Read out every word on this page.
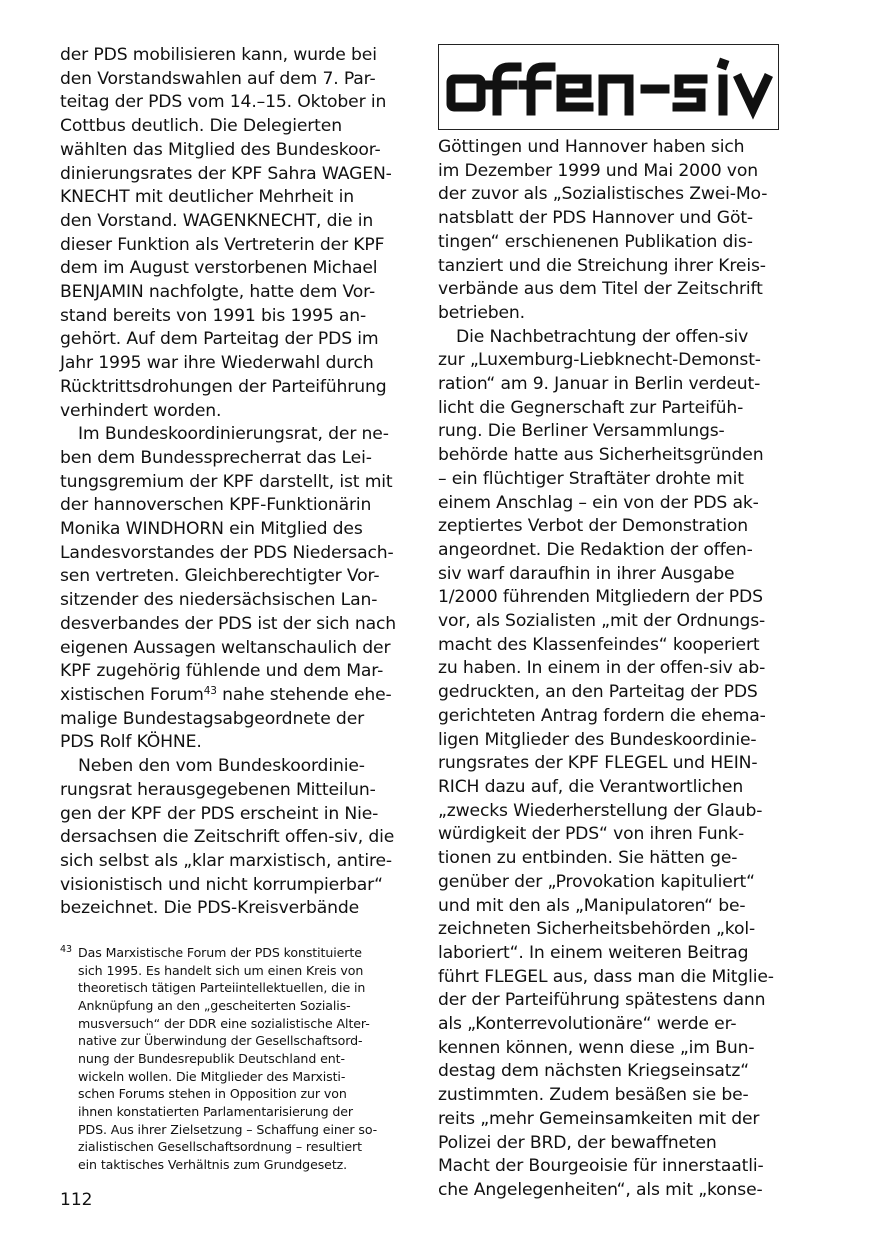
der PDS mobilisieren kann, wurde bei
den Vorstandswahlen auf dem 7. Par-
teitag der PDS vom 14.–15. Oktober in
Cottbus deutlich. Die Delegierten
wählten das Mitglied des Bundeskoor-
dinierungsrates der KPF Sahra WAGEN-
KNECHT mit deutlicher Mehrheit in
den Vorstand. WAGENKNECHT, die in
dieser Funktion als Vertreterin der KPF
dem im August verstorbenen Michael
BENJAMIN nachfolgte, hatte dem Vor-
stand bereits von 1991 bis 1995 an-
gehört. Auf dem Parteitag der PDS im
Jahr 1995 war ihre Wiederwahl durch
Rücktrittsdrohungen der Parteiführung
verhindert worden.

Im Bundeskoordinierungsrat, der ne-
ben dem Bundessprecherrat das Lei-
tungsgremium der KPF darstellt, ist mit
der hannoverschen KPF-Funktionärin
Monika WINDHORN ein Mitglied des
Landesvorstandes der PDS Niedersach-
sen vertreten. Gleichberechtigter Vor-
sitzender des niedersächsischen Lan-
desverbandes der PDS ist der sich nach
eigenen Aussagen weltanschaulich der
KPF zugehörig fühlende und dem Mar-
xistischen Forum$^{43}$ nahe stehende ehe-
malige Bundestagsabgeordnete der
PDS Rolf KÖHNE.

Neben den vom Bundeskoordinie-
rungsrat herausgegebenen Mitteilun-
gen der KPF der PDS erscheint in Nie-
dersachsen die Zeitschrift offen-siv, die
sich selbst als „klar marxistisch, antire-
visionistisch und nicht korrumpierbar“
bezeichnet. Die PDS-Kreisverbände

Göttingen und Hannover haben sich
im Dezember 1999 und Mai 2000 von
der zuvor als „Sozialistisches Zwei-Mo-
natsblatt der PDS Hannover und Göt-
tingen“ erschienenen Publikation dis-
tanziert und die Streichung ihrer Kreis-
verbände aus dem Titel der Zeitschrift
betrieben.

Die Nachbetrachtung der offen-siv
zur „Luxemburg-Liebknecht-Demonst-
ration“ am 9. Januar in Berlin verdeut-
licht die Gegnerschaft zur Parteifüh-
rung. Die Berliner Versammlungs-
behörde hatte aus Sicherheitsgründen
– ein flüchtiger Straftäter drohte mit
einem Anschlag – ein von der PDS ak-
zeptiertes Verbot der Demonstration
angeordnet. Die Redaktion der offen-
siv warf daraufhin in ihrer Ausgabe
1/2000 führenden Mitgliedern der PDS
vor, als Sozialisten „mit der Ordnungs-
macht des Klassenfeindes“ kooperiert
zu haben. In einem in der offen-siv ab-
gedruckten, an den Parteitag der PDS
gerichteten Antrag fordern die ehema-
ligen Mitglieder des Bundeskoordinie-
rungsrates der KPF FLEGEL und HEIN-
RICH dazu auf, die Verantwortlichen
„zwecks Wiederherstellung der Glaub-
würdigkeit der PDS“ von ihren Funk-
tionen zu entbinden. Sie hätten ge-
genüber der „Provokation kapituliert“
und mit den als „Manipulatoren“ be-
zeichneten Sicherheitsbehörden „kol-
laboriert“. In einem weiteren Beitrag
führt FLEGEL aus, dass man die Mitglie-
der der Parteiführung spätestens dann
als „Konterrevolutionäre“ werde er-
kennen können, wenn diese „im Bun-
destag dem nächsten Kriegseinsatz“
zustimmten. Zudem besäßen sie be-
reits „mehr Gemeinsamkeiten mit der
Polizei der BRD, der bewaffneten
Macht der Bourgeoisie für innerstaatli-
che Angelegenheiten“, als mit „konse-

43 Das Marxistische Forum der PDS konstituierte
sich 1995. Es handelt sich um einen Kreis von
theoretisch tätigen Parteiintellektuellen, die in
Anknüpfung an den „gescheiterten Sozialis-
musversuch“ der DDR eine sozialistische Alter-
native zur Überwindung der Gesellschaftsord-
nung der Bundesrepublik Deutschland ent-
wickeln wollen. Die Mitglieder des Marxisti-
schen Forums stehen in Opposition zur von
ihnen konstatierten Parlamentarisierung der
PDS. Aus ihrer Zielsetzung – Schaffung einer so-
zialistischen Gesellschaftsordnung – resultiert
ein taktisches Verhältnis zum Grundgesetz.
112
